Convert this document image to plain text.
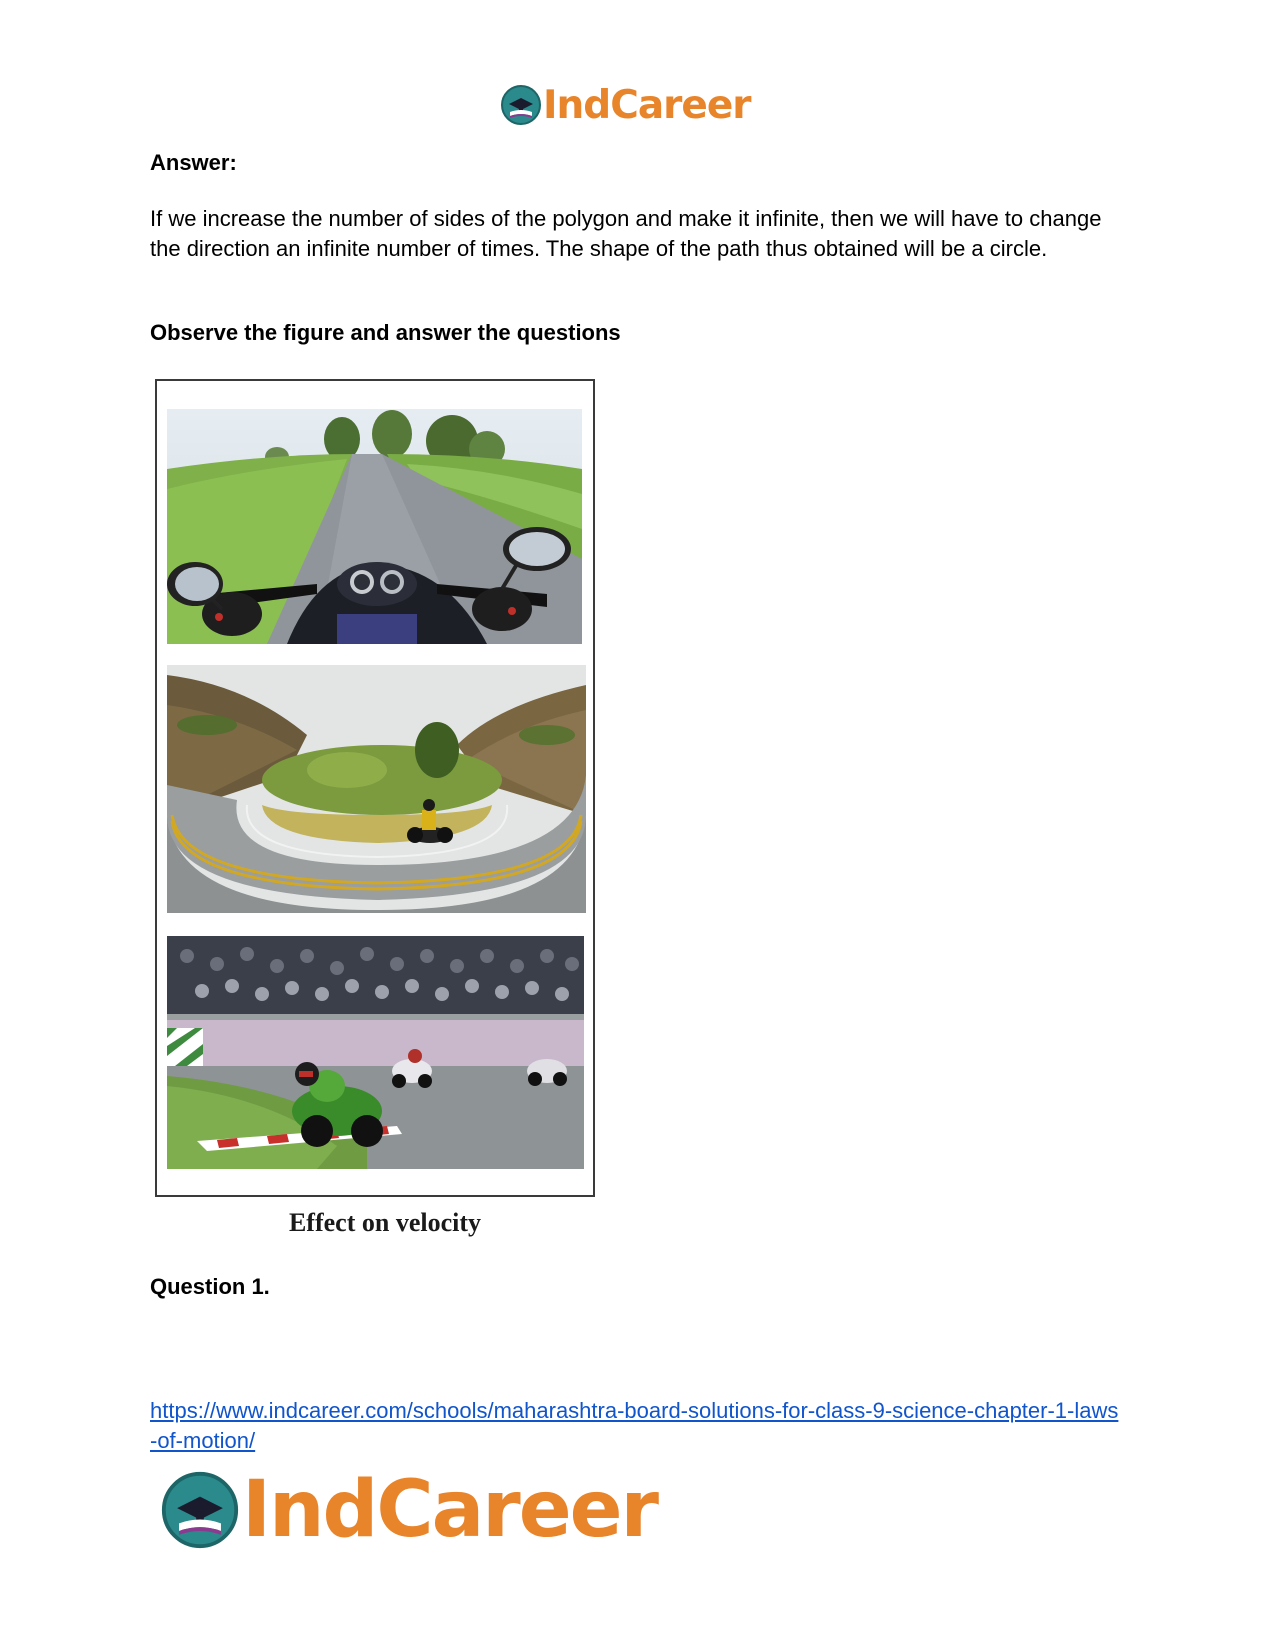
IndCareer

Answer:

If we increase the number of sides of the polygon and make it infinite, then we will have to change the direction an infinite number of times. The shape of the path thus obtained will be a circle.

Observe the figure and answer the questions

Effect on velocity

Question 1.

https://www.indcareer.com/schools/maharashtra-board-solutions-for-class-9-science-chapter-1-laws-of-motion/
IndCareer
